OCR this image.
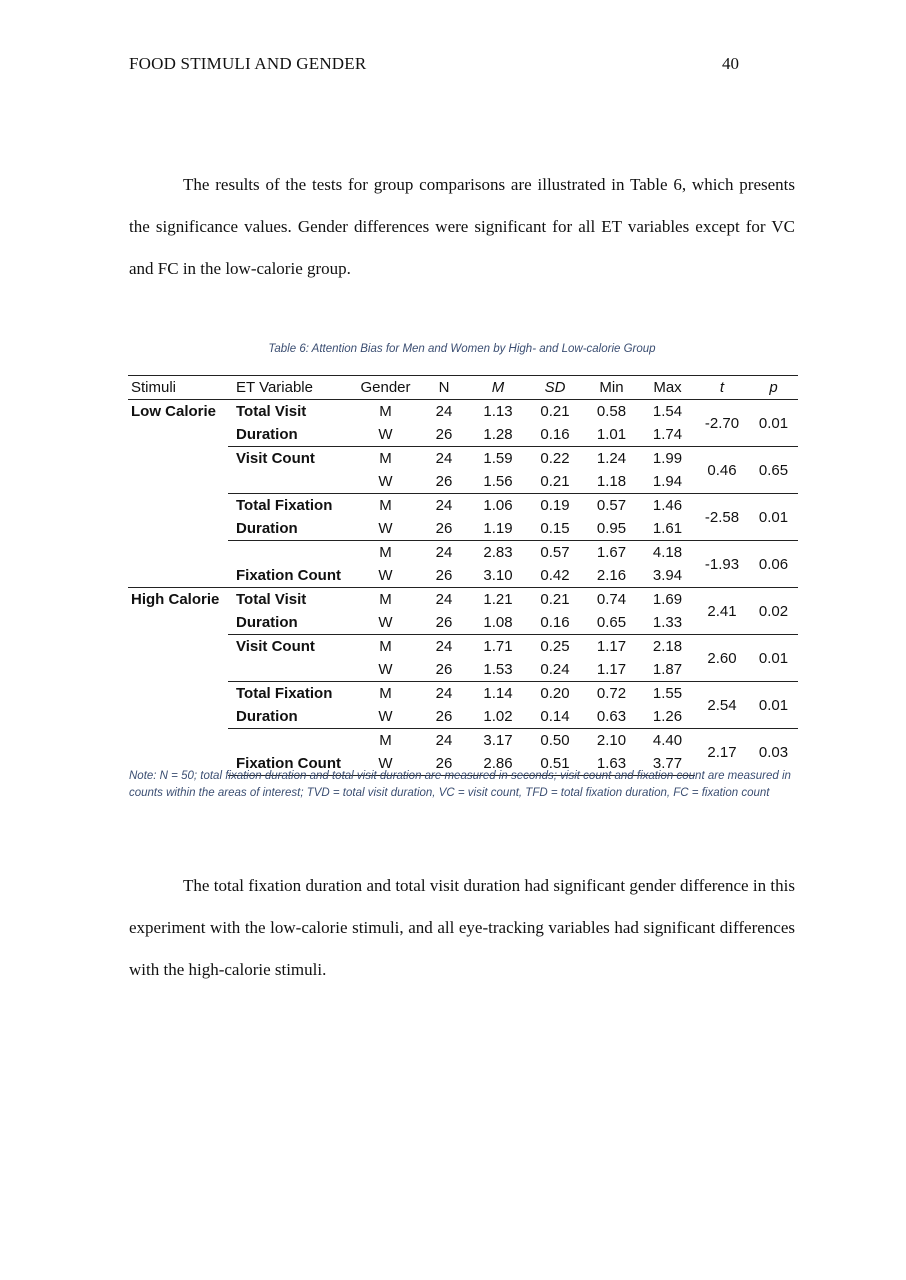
FOOD STIMULI AND GENDER	40

The results of the tests for group comparisons are illustrated in Table 6, which presents the significance values. Gender differences were significant for all ET variables except for VC and FC in the low-calorie group.

Table 6: Attention Bias for Men and Women by High- and Low-calorie Group
Stimuli	ET Variable	Gender	N	M	SD	Min	Max	t	p
Low Calorie	Total Visit	M	24	1.13	0.21	0.58	1.54	-2.70	0.01
	Duration	W	26	1.28	0.16	1.01	1.74		
	Visit Count	M	24	1.59	0.22	1.24	1.99	0.46	0.65
		W	26	1.56	0.21	1.18	1.94		
	Total Fixation	M	24	1.06	0.19	0.57	1.46	-2.58	0.01
	Duration	W	26	1.19	0.15	0.95	1.61		
		M	24	2.83	0.57	1.67	4.18	-1.93	0.06
	Fixation Count	W	26	3.10	0.42	2.16	3.94		
High Calorie	Total Visit	M	24	1.21	0.21	0.74	1.69	2.41	0.02
	Duration	W	26	1.08	0.16	0.65	1.33		
	Visit Count	M	24	1.71	0.25	1.17	2.18	2.60	0.01
		W	26	1.53	0.24	1.17	1.87		
	Total Fixation	M	24	1.14	0.20	0.72	1.55	2.54	0.01
	Duration	W	26	1.02	0.14	0.63	1.26		
		M	24	3.17	0.50	2.10	4.40	2.17	0.03
	Fixation Count	W	26	2.86	0.51	1.63	3.77		

Note: N = 50; total fixation duration and total visit duration are measured in seconds; visit count and fixation count are measured in counts within the areas of interest; TVD = total visit duration, VC = visit count, TFD = total fixation duration, FC = fixation count

The total fixation duration and total visit duration had significant gender difference in this experiment with the low-calorie stimuli, and all eye-tracking variables had significant differences with the high-calorie stimuli.
